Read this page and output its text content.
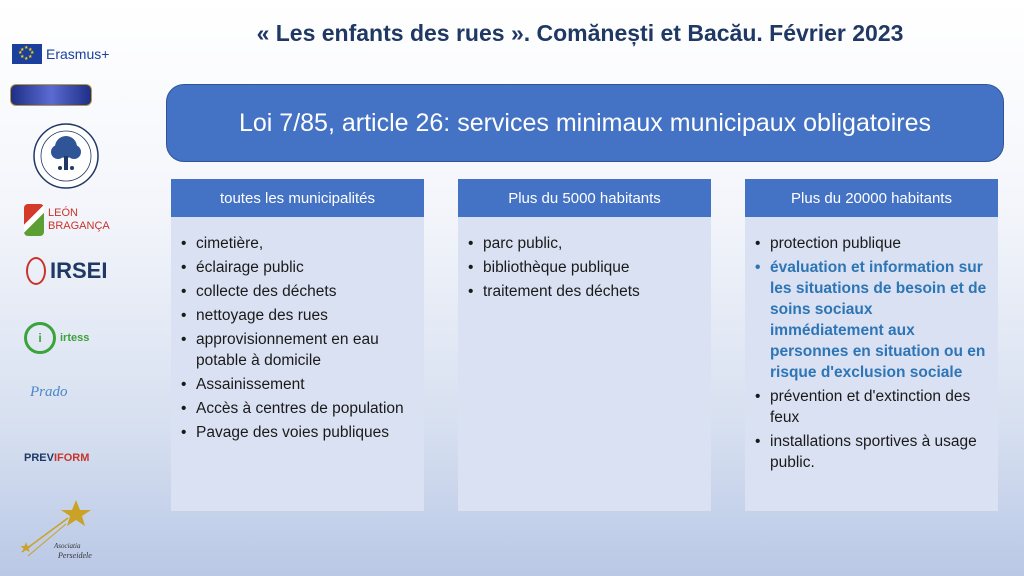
« Les enfants des rues ». Comănești et Bacău. Février 2023
★
★
★ ★
★ ★
★ ★ Erasmus+
LEÓN
BRAGANÇA
IRSEI
i	irtess
Prado
PREVIFORM
Asociatia
Perseidele
Loi 7/85, article 26: services minimaux municipaux obligatoires
toutes les municipalités
• cimetière,
• éclairage public
• collecte des déchets
• nettoyage des rues
• approvisionnement en eau potable à domicile
• Assainissement
• Accès à centres de population
• Pavage des voies publiques
Plus du 5000 habitants
• parc public,
• bibliothèque publique
• traitement des déchets
Plus du 20000 habitants
• protection publique
• évaluation et information sur les situations de besoin et de soins sociaux immédiatement aux personnes en situation ou en risque d'exclusion sociale
• prévention et d'extinction des feux
• installations sportives à usage public.
